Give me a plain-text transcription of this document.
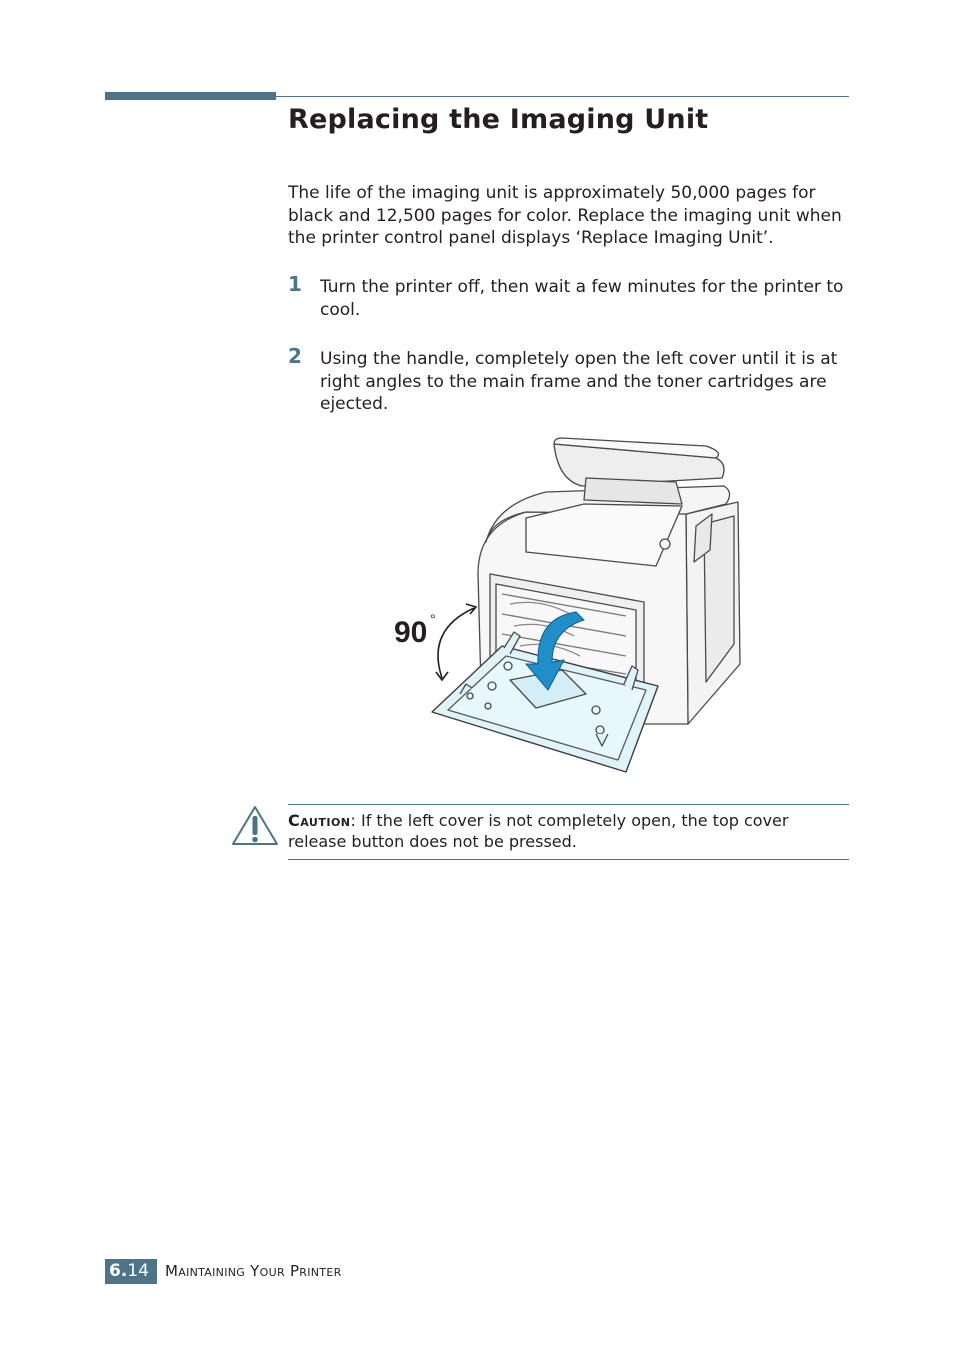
Replacing the Imaging Unit

The life of the imaging unit is approximately 50,000 pages for black and 12,500 pages for color. Replace the imaging unit when the printer control panel displays ‘Replace Imaging Unit’.

1 Turn the printer off, then wait a few minutes for the printer to cool.

2 Using the handle, completely open the left cover until it is at right angles to the main frame and the toner cartridges are ejected.

90 °

Caution: If the left cover is not completely open, the top cover release button does not be pressed.

6.14	Maintaining Your Printer
